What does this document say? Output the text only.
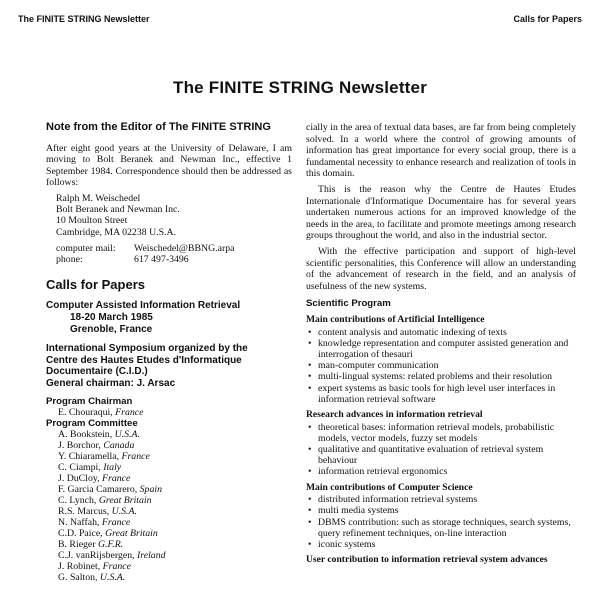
The FINITE STRING Newsletter	Calls for Papers
The FINITE STRING Newsletter
Note from the Editor of The FINITE STRING

After eight good years at the University of Delaware, I am moving to Bolt Beranek and Newman Inc., effective 1 September 1984. Correspondence should then be addressed as follows:

Ralph M. Weischedel
Bolt Beranek and Newman Inc.
10 Moulton Street
Cambridge, MA 02238 U.S.A.
computer mail:	Weischedel@BBNG.arpa
phone:	617 497-3496
Calls for Papers
Computer Assisted Information Retrieval
18-20 March 1985
Grenoble, France
International Symposium organized by the
Centre des Hautes Etudes d'Informatique
Documentaire (C.I.D.)
General chairman: J. Arsac
Program Chairman
E. Chouraqui, France
Program Committee
A. Bookstein, U.S.A.
J. Borchor, Canada
Y. Chiaramella, France
C. Ciampi, Italy
J. DuCloy, France
F. Garcia Camarero, Spain
C. Lynch, Great Britain
R.S. Marcus, U.S.A.
N. Naffah, France
C.D. Paice, Great Britain
B. Rieger G.F.R.
C.J. vanRijsbergen, Ireland
J. Robinet, France
G. Salton, U.S.A.

cially in the area of textual data bases, are far from being completely solved. In a world where the control of growing amounts of information has great importance for every social group, there is a fundamental necessity to enhance research and realization of tools in this domain.

This is the reason why the Centre de Hautes Etudes Internationale d'Informatique Documentaire has for several years undertaken numerous actions for an improved knowledge of the needs in the area, to facilitate and promote meetings among research groups throughout the world, and also in the industrial sector.

With the effective participation and support of high-level scientific personalities, this Conference will allow an understanding of the advancement of research in the field, and an analysis of usefulness of the new systems.

Scientific Program
Main contributions of Artificial Intelligence
• content analysis and automatic indexing of texts
• knowledge representation and computer assisted generation and interrogation of thesauri
• man-computer communication
• multi-lingual systems: related problems and their resolution
• expert systems as basic tools for high level user interfaces in information retrieval software
Research advances in information retrieval
• theoretical bases: information retrieval models, probabilistic models, vector models, fuzzy set models
• qualitative and quantitative evaluation of retrieval system behaviour
• information retrieval ergonomics
Main contributions of Computer Science
• distributed information retrieval systems
• multi media systems
• DBMS contribution: such as storage techniques, search systems, query refinement techniques, on-line interaction
• iconic systems
User contribution to information retrieval system advances
